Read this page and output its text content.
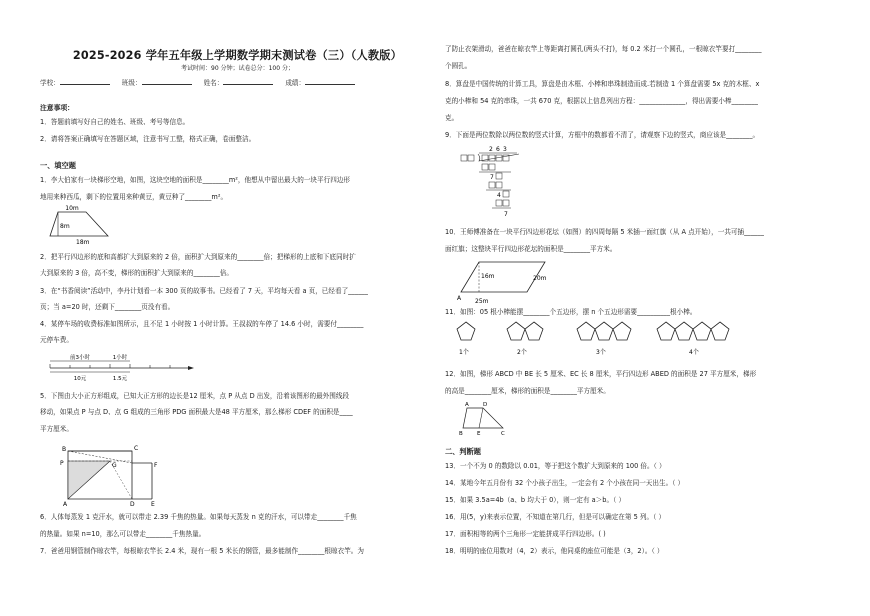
2025-2026 学年五年级上学期数学期末测试卷（三）（人教版）
考试时间：90 分钟；试卷总分：100 分；
学校：	班级：	姓名：	成绩：
注意事项：
1．答题前填写好自己的姓名、班级、考号等信息。
2．请将答案正确填写在答题区域，注意书写工整，格式正确，卷面整洁。
一、填空题
1．李大伯家有一块梯形空地，如图，这块空地的面积是________m²，他想从中留出最大的一块平行四边形
地用来种西瓜，剩下的位置用来种黄豆，黄豆种了________m²。
10m
8m
18m
2．把平行四边形的底和高都扩大到原来的 2 倍，面积扩大到原来的________倍；把梯形的上底和下底同时扩
大到原来的 3 倍，高不变，梯形的面积扩大到原来的________倍。
3．在“书香阅读”活动中，李丹计划看一本 300 页的故事书。已经看了 7 天，平均每天看 a 页，已经看了______
页；当 a=20 时，还剩下________页没有看。
4．某停车场的收费标准如图所示，且不足 1 小时按 1 小时计算。王叔叔的车停了 14.6 小时，需要付________
元停车费。
前3小时	1小时
10元	1.5元
5．下图由大小正方形组成，已知大正方形的边长是12 厘米，点 P 从点 D 出发，沿着该图形的最外围线段
移动，如果点 P 与点 D、点 G 组成的三角形 PDG 面积最大是48 平方厘米，那么梯形 CDEF 的面积是____
平方厘米。
B	C
G	F
P
A	D	E
6．人体每蒸发 1 克汗水，就可以带走 2.39 千焦的热量。如果每天蒸发 n 克的汗水，可以带走________千焦
的热量。如果 n=10，那么可以带走________千焦热量。
7．爸爸用钢管制作晾衣竿，每根晾衣竿长 2.4 米，现有一根 5 米长的钢管，最多能制作________根晾衣竿。为
了防止衣架滑动，爸爸在晾衣竿上等距离打圆孔(两头不打)，每 0.2 米打一个圆孔，一根晾衣竿要打________
个圆孔。
8．算盘是中国传统的计算工具，算盘是由木框、小棒和串珠制造而成.若制造 1 个算盘需要 5x 克的木框、x
克的小棒和 54 克的串珠，一共 670 克，根据以上信息列出方程：______________，得出需要小棒________
克。
9．下面是两位数除以两位数的竖式计算，方框中的数都看不清了，请观察下边的竖式，商应该是________。
2 6 3
7
4
7
10．王师傅准备在一块平行四边形花坛（如图）的四周每隔 5 米插一面红旗（从 A 点开始），一共可插______
面红旗；这整块平行四边形花坛的面积是________平方米。
16m	20m
A 25m
11．如图：05 根小棒能摆________个五边形，摆 n 个五边形需要__________根小棒。
1个	2个	3个	4个
12．如图，梯形 ABCD 中 BE 长 5 厘米、EC 长 8 厘米，平行四边形 ABED 的面积是 27 平方厘米，梯形
的高是________厘米，梯形的面积是________平方厘米。
A	D
B	E	C
二、判断题
13．一个不为 0 的数除以 0.01，等于把这个数扩大到原来的 100 倍。（ ）
14．某地今年五月份有 32 个小孩子出生，一定会有 2 个小孩在同一天出生。（ ）
15．如果 3.5a=4b（a、b 均大于 0），则一定有 a＞b。（ ）
16．用(5，y)来表示位置，不知道在第几行，但是可以确定在第 5 列。（ ）
17．面积相等的两个三角形一定能拼成平行四边形。( )
18．明明的座位用数对（4，2）表示，他同桌的座位可能是（3，2）。（ ）
